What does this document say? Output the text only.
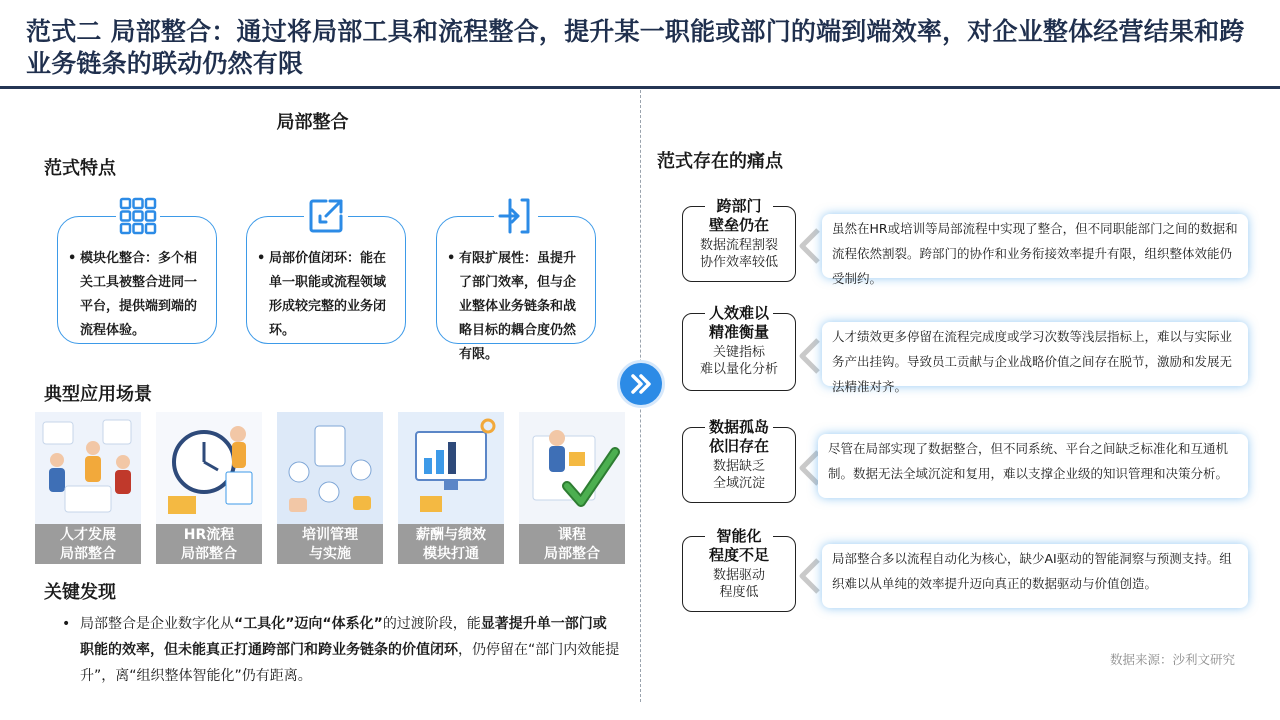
范式二 局部整合：通过将局部工具和流程整合，提升某一职能或部门的端到端效率，对企业整体经营结果和跨业务链条的联动仍然有限
局部整合
范式特点
• 模块化整合：多个相关工具被整合进同一平台，提供端到端的流程体验。
• 局部价值闭环：能在单一职能或流程领域形成较完整的业务闭环。
• 有限扩展性：虽提升了部门效率，但与企业整体业务链条和战略目标的耦合度仍然有限。
典型应用场景
人才发展
局部整合
HR流程
局部整合
培训管理
与实施
薪酬与绩效
模块打通
课程
局部整合
关键发现
局部整合是企业数字化从“工具化”迈向“体系化”的过渡阶段，能显著提升单一部门或职能的效率，但未能真正打通跨部门和跨业务链条的价值闭环，仍停留在“部门内效能提升”，离“组织整体智能化”仍有距离。
•
范式存在的痛点
跨部门
壁垒仍在
数据流程割裂
协作效率较低
虽然在HR或培训等局部流程中实现了整合，但不同职能部门之间的数据和流程依然割裂。跨部门的协作和业务衔接效率提升有限，组织整体效能仍受制约。
人效难以
精准衡量
关键指标
难以量化分析
人才绩效更多停留在流程完成度或学习次数等浅层指标上，难以与实际业务产出挂钩。导致员工贡献与企业战略价值之间存在脱节，激励和发展无法精准对齐。
数据孤岛
依旧存在
数据缺乏
全域沉淀
尽管在局部实现了数据整合，但不同系统、平台之间缺乏标准化和互通机制。数据无法全域沉淀和复用，难以支撑企业级的知识管理和决策分析。
智能化
程度不足
数据驱动
程度低
局部整合多以流程自动化为核心，缺少AI驱动的智能洞察与预测支持。组织难以从单纯的效率提升迈向真正的数据驱动与价值创造。
数据来源：沙利文研究
